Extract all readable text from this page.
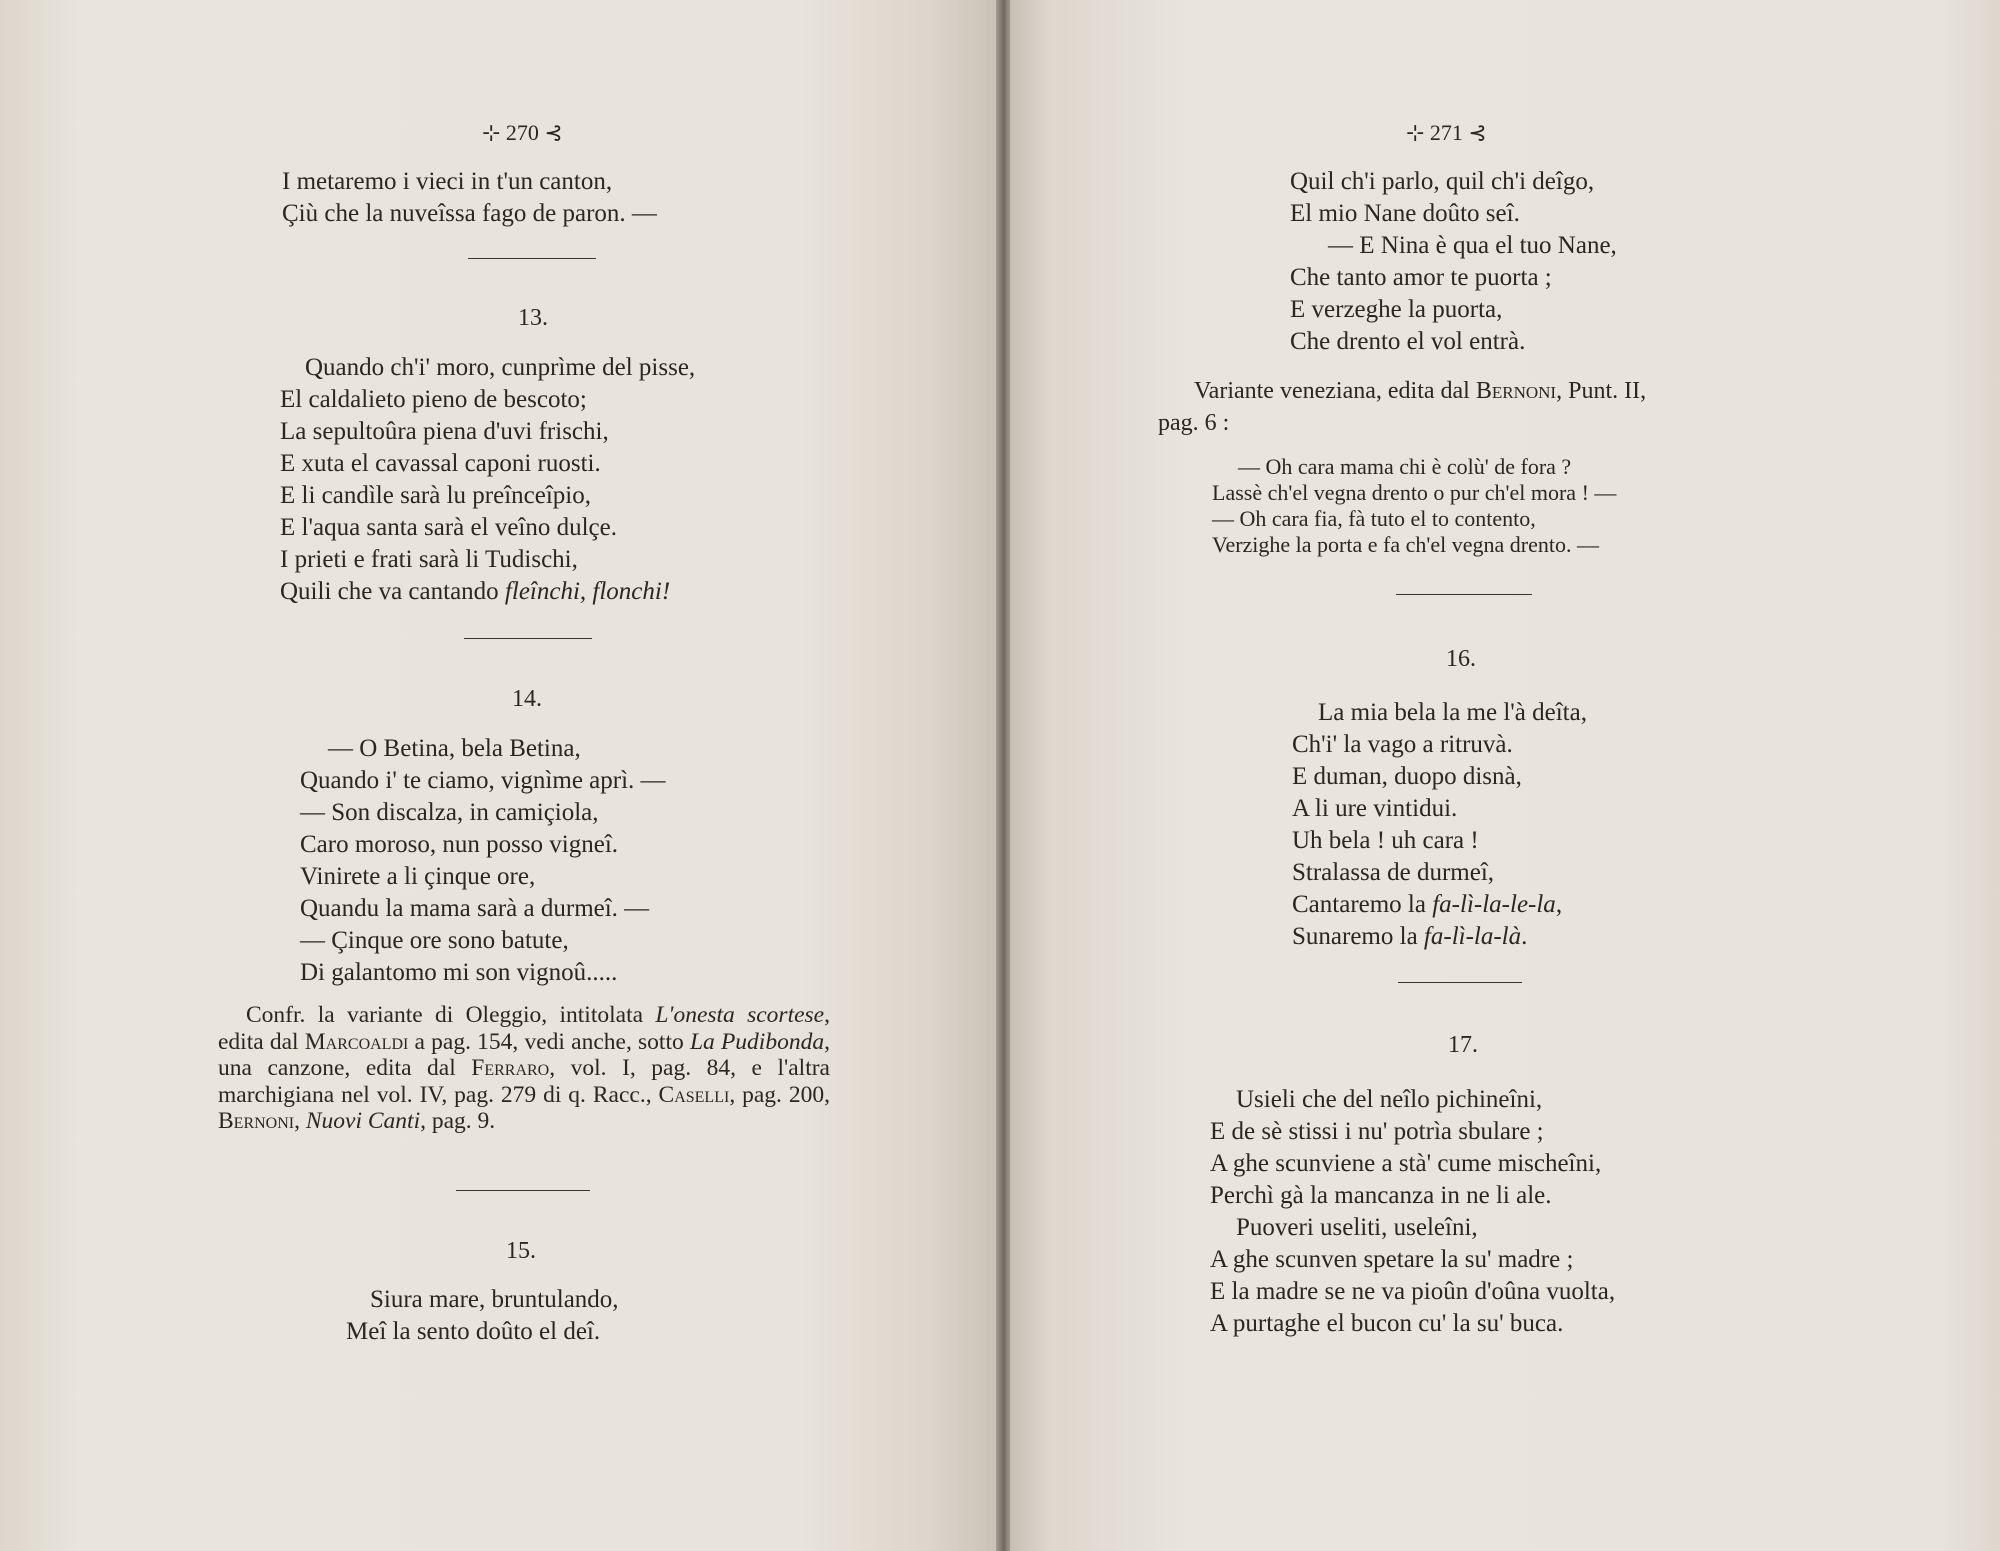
⊹ 270 ⊰
I metaremo i vieci in t'un canton,
Çiù che la nuveîssa fago de paron. —
13.
Quando ch'i' moro, cunprìme del pisse,
El caldalieto pieno de bescoto;
La sepultoûra piena d'uvi frischi,
E xuta el cavassal caponi ruosti.
E li candìle sarà lu preînceîpio,
E l'aqua santa sarà el veîno dulçe.
I prieti e frati sarà li Tudischi,
Quili che va cantando fleînchi, flonchi!
14.
— O Betina, bela Betina,
Quando i' te ciamo, vignìme aprì. —
— Son discalza, in camiçiola,
Caro moroso, nun posso vigneî.
Vinirete a li çinque ore,
Quandu la mama sarà a durmeî. —
— Çinque ore sono batute,
Di galantomo mi son vignoû.....
Confr. la variante di Oleggio, intitolata L'onesta scortese, edita dal Marcoaldi a pag. 154, vedi anche, sotto La Pudibonda, una canzone, edita dal Ferraro, vol. I, pag. 84, e l'altra marchigiana nel vol. IV, pag. 279 di q. Racc., Caselli, pag. 200, Bernoni, Nuovi Canti, pag. 9.
15.
Siura mare, bruntulando,
Meî la sento doûto el deî.
⊹ 271 ⊰
Quil ch'i parlo, quil ch'i deîgo,
El mio Nane doûto seî.
— E Nina è qua el tuo Nane,
Che tanto amor te puorta ;
E verzeghe la puorta,
Che drento el vol entrà.
Variante veneziana, edita dal Bernoni, Punt. II,
pag. 6 :
— Oh cara mama chi è colù' de fora ?
Lassè ch'el vegna drento o pur ch'el mora ! —
— Oh cara fia, fà tuto el to contento,
Verzighe la porta e fa ch'el vegna drento. —
16.
La mia bela la me l'à deîta,
Ch'i' la vago a ritruvà.
E duman, duopo disnà,
A li ure vintidui.
Uh bela ! uh cara !
Stralassa de durmeî,
Cantaremo la fa-lì-la-le-la,
Sunaremo la fa-lì-la-là.
17.
Usieli che del neîlo pichineîni,
E de sè stissi i nu' potrìa sbulare ;
A ghe scunviene a stà' cume mischeîni,
Perchì gà la mancanza in ne li ale.
Puoveri useliti, useleîni,
A ghe scunven spetare la su' madre ;
E la madre se ne va pioûn d'oûna vuolta,
A purtaghe el bucon cu' la su' buca.
